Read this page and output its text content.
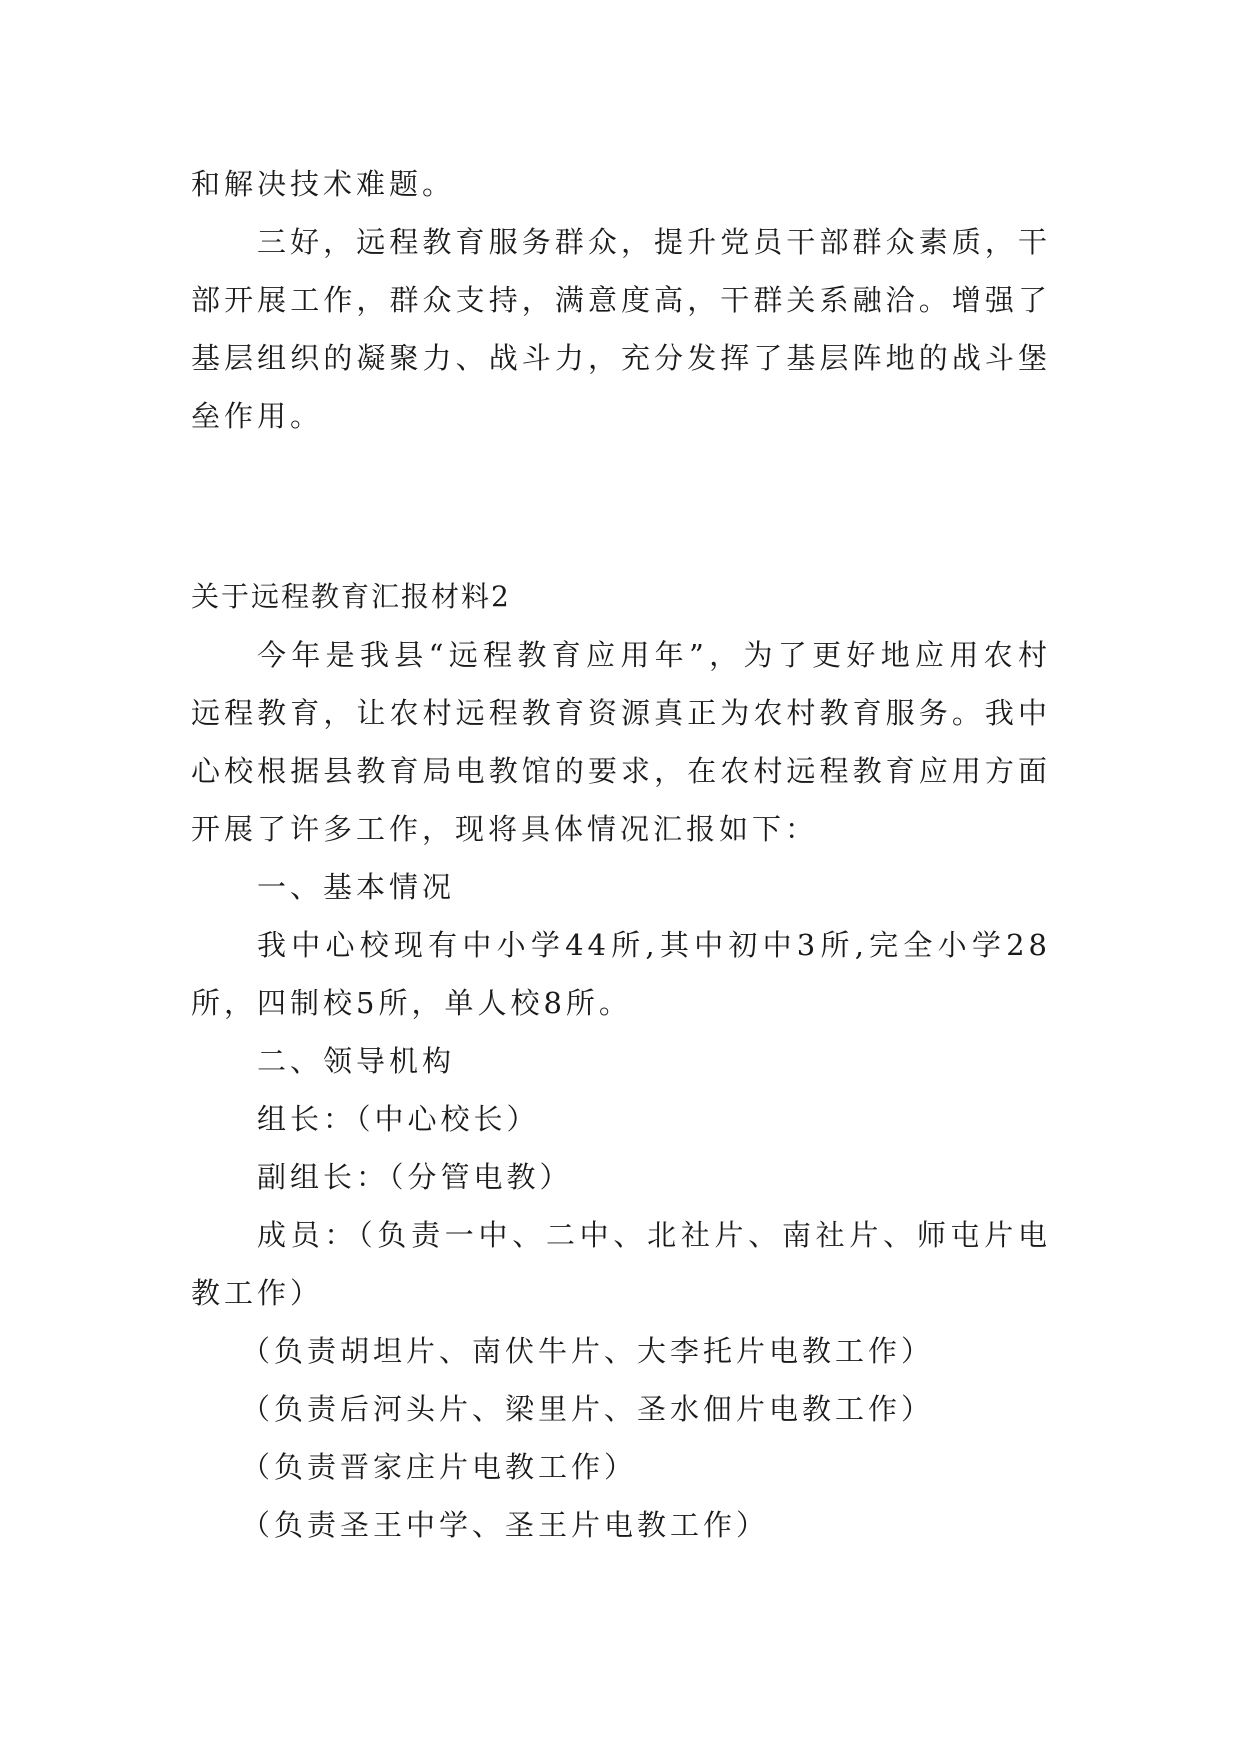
和解决技术难题。

三好，远程教育服务群众，提升党员干部群众素质，干部开展工作，群众支持，满意度高，干群关系融洽。增强了基层组织的凝聚力、战斗力，充分发挥了基层阵地的战斗堡垒作用。

关于远程教育汇报材料2

今年是我县“远程教育应用年”，为了更好地应用农村远程教育，让农村远程教育资源真正为农村教育服务。我中心校根据县教育局电教馆的要求，在农村远程教育应用方面开展了许多工作，现将具体情况汇报如下：

一、基本情况

我中心校现有中小学44所,其中初中3所,完全小学28所，四制校5所，单人校8所。

二、领导机构

组长：（中心校长）

副组长：（分管电教）

成员：（负责一中、二中、北社片、南社片、师屯片电教工作）

（负责胡坦片、南伏牛片、大李托片电教工作）

（负责后河头片、梁里片、圣水佃片电教工作）

（负责晋家庄片电教工作）

（负责圣王中学、圣王片电教工作）
